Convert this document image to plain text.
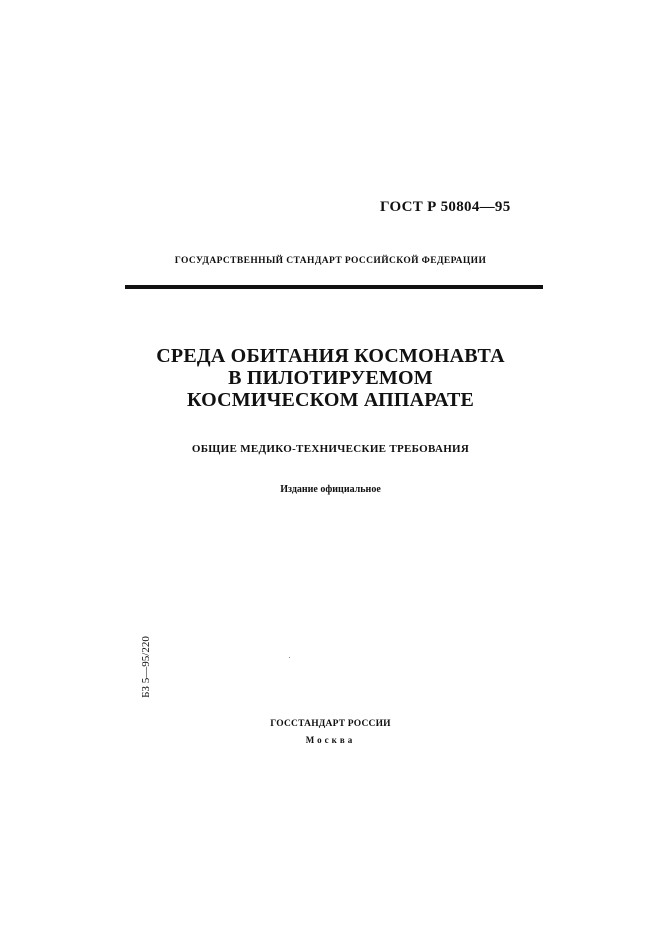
ГОСТ Р 50804—95
ГОСУДАРСТВЕННЫЙ СТАНДАРТ РОССИЙСКОЙ ФЕДЕРАЦИИ
СРЕДА ОБИТАНИЯ КОСМОНАВТА
В ПИЛОТИРУЕМОМ
КОСМИЧЕСКОМ АППАРАТЕ
ОБЩИЕ МЕДИКО-ТЕХНИЧЕСКИЕ ТРЕБОВАНИЯ
Издание официальное
БЗ 5—95/220
ГОССТАНДАРТ РОССИИ
Москва
